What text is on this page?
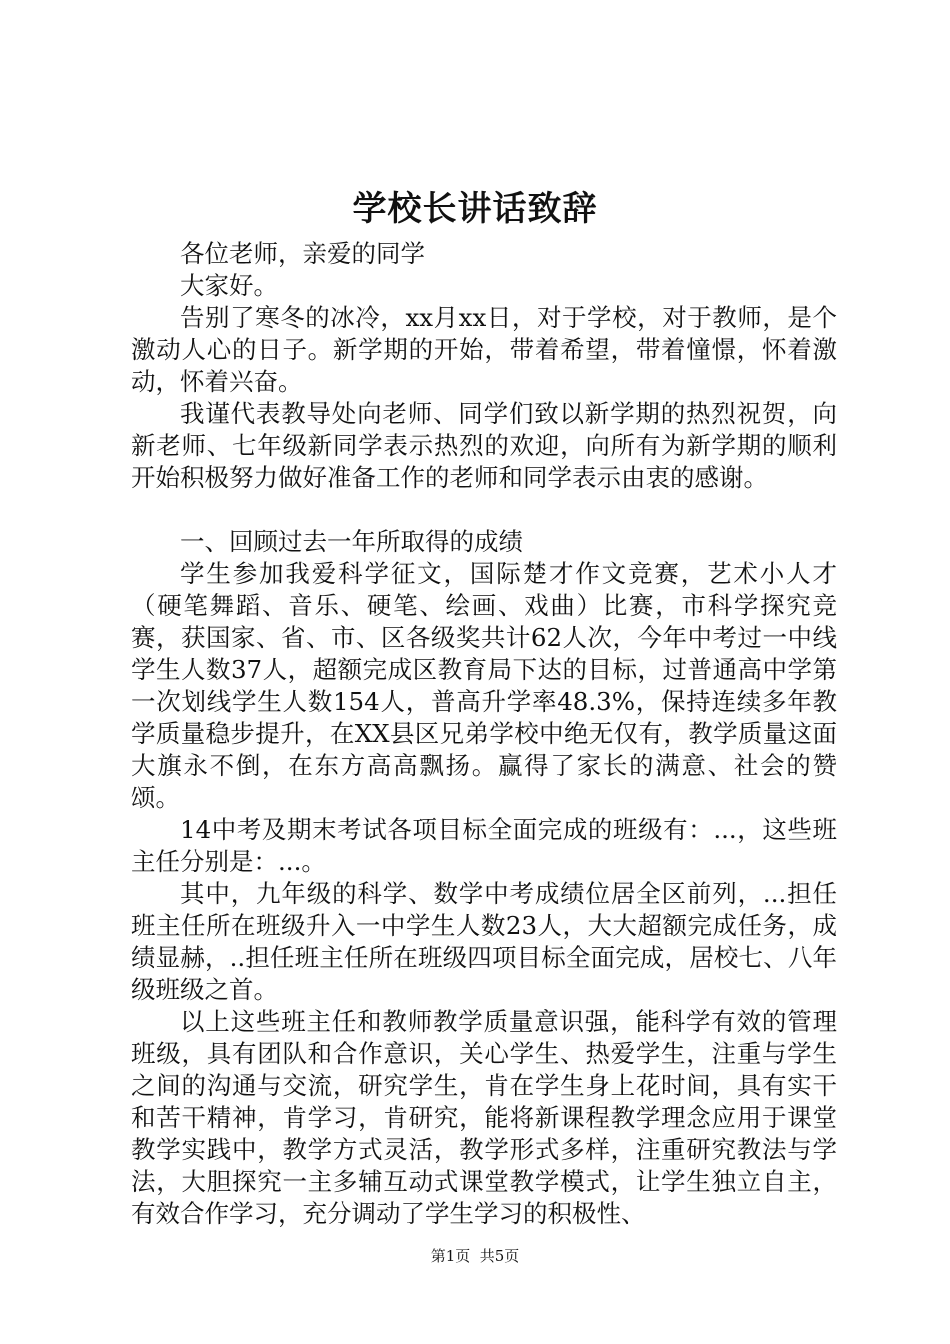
学校长讲话致辞

各位老师，亲爱的同学

大家好。

告别了寒冬的冰冷，xx月xx日，对于学校，对于教师，是个激动人心的日子。新学期的开始，带着希望，带着憧憬，怀着激动，怀着兴奋。

我谨代表教导处向老师、同学们致以新学期的热烈祝贺，向新老师、七年级新同学表示热烈的欢迎，向所有为新学期的顺利开始积极努力做好准备工作的老师和同学表示由衷的感谢。

一、回顾过去一年所取得的成绩

学生参加我爱科学征文，国际楚才作文竞赛，艺术小人才（硬笔舞蹈、音乐、硬笔、绘画、戏曲）比赛，市科学探究竞赛，获国家、省、市、区各级奖共计62人次，今年中考过一中线学生人数37人，超额完成区教育局下达的目标，过普通高中学第一次划线学生人数154人，普高升学率48.3%，保持连续多年教学质量稳步提升，在XX县区兄弟学校中绝无仅有，教学质量这面大旗永不倒，在东方高高飘扬。赢得了家长的满意、社会的赞颂。

14中考及期末考试各项目标全面完成的班级有：...，这些班主任分别是：...。

其中，九年级的科学、数学中考成绩位居全区前列，...担任班主任所在班级升入一中学生人数23人，大大超额完成任务，成绩显赫，..担任班主任所在班级四项目标全面完成，居校七、八年级班级之首。

以上这些班主任和教师教学质量意识强，能科学有效的管理班级，具有团队和合作意识，关心学生、热爱学生，注重与学生之间的沟通与交流，研究学生，肯在学生身上花时间，具有实干和苦干精神，肯学习，肯研究，能将新课程教学理念应用于课堂教学实践中，教学方式灵活，教学形式多样，注重研究教法与学法，大胆探究一主多辅互动式课堂教学模式，让学生独立自主，有效合作学习，充分调动了学生学习的积极性、

第1页  共5页
